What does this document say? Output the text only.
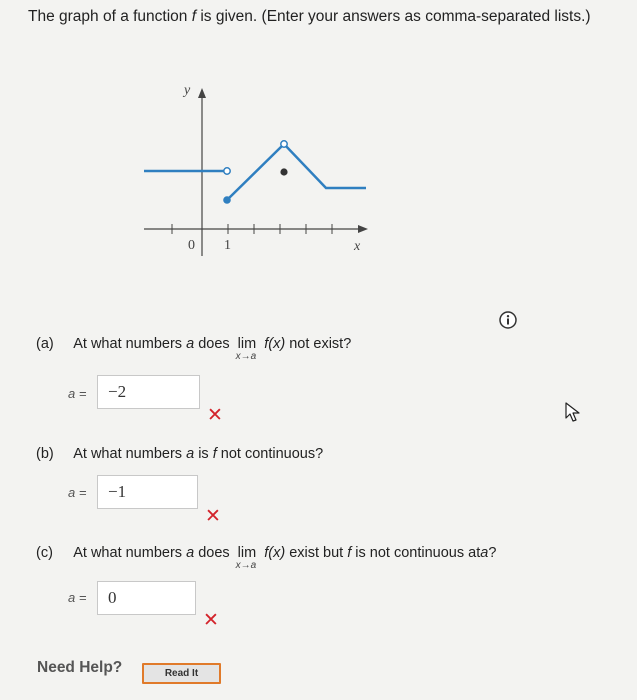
The graph of a function f is given. (Enter your answers as comma-separated lists.)
y
x
0 1
(a) At what numbers a does lim
x→a
f(x) not exist?
a =
−2
✕
(b) At what numbers a is f not continuous?
a =
−1
✕
(c) At what numbers a does lim
x→a
f(x) exist but f is not continuous ata?
a =
0
✕
Need Help?	Read It
